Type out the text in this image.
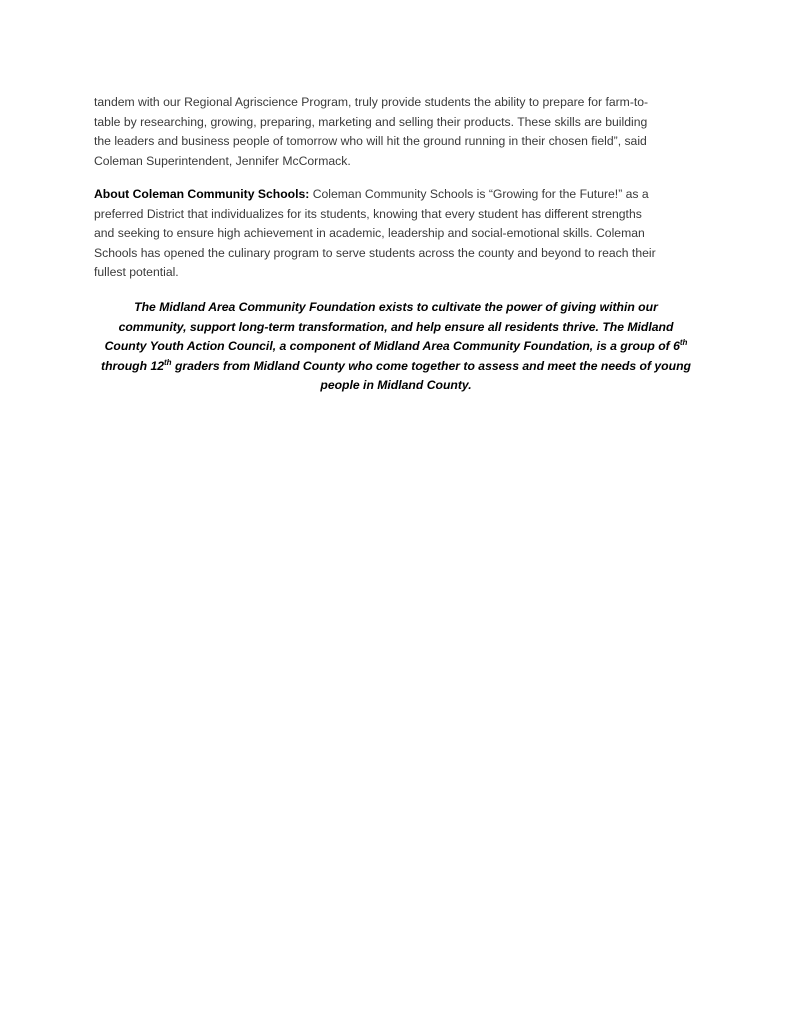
tandem with our Regional Agriscience Program, truly provide students the ability to prepare for farm-to-
table by researching, growing, preparing, marketing and selling their products. These skills are building
the leaders and business people of tomorrow who will hit the ground running in their chosen field”, said
Coleman Superintendent, Jennifer McCormack.
About Coleman Community Schools: Coleman Community Schools is “Growing for the Future!” as a
preferred District that individualizes for its students, knowing that every student has different strengths
and seeking to ensure high achievement in academic, leadership and social-emotional skills. Coleman
Schools has opened the culinary program to serve students across the county and beyond to reach their
fullest potential.
The Midland Area Community Foundation exists to cultivate the power of giving within our
community, support long-term transformation, and help ensure all residents thrive. The Midland
County Youth Action Council, a component of Midland Area Community Foundation, is a group of 6th
through 12th graders from Midland County who come together to assess and meet the needs of young
people in Midland County.
